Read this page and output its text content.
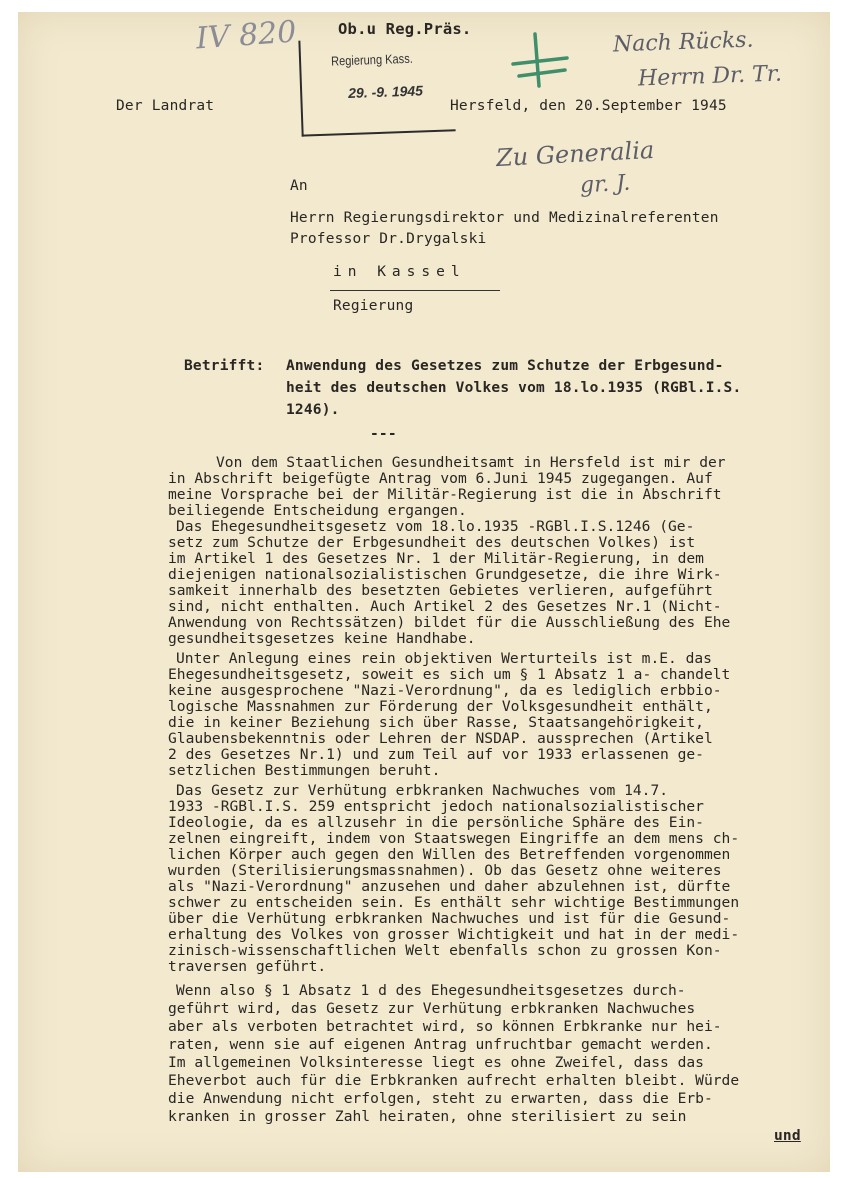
IV 820	Ob.u Reg.Präs.
Regierung Kass.
29. -9. 1945
Nach Rücks.
Herrn Dr. Tr.
Zu Generalia
gr. J.
Der Landrat	Hersfeld, den 20.September 1945
An
Herrn Regierungsdirektor und Medizinalreferenten
Professor Dr.Drygalski
in Kassel
Regierung
Betrifft: Anwendung des Gesetzes zum Schutze der Erbgesund-
heit des deutschen Volkes vom 18.lo.1935 (RGBl.I.S.
1246).
---
Von dem Staatlichen Gesundheitsamt in Hersfeld ist mir der
in Abschrift beigefügte Antrag vom 6.Juni 1945 zugegangen. Auf
meine Vorsprache bei der Militär-Regierung ist die in Abschrift
beiliegende Entscheidung ergangen.
Das Ehegesundheitsgesetz vom 18.lo.1935 -RGBl.I.S.1246 (Ge-
setz zum Schutze der Erbgesundheit des deutschen Volkes) ist
im Artikel 1 des Gesetzes Nr. 1 der Militär-Regierung, in dem
diejenigen nationalsozialistischen Grundgesetze, die ihre Wirk-
samkeit innerhalb des besetzten Gebietes verlieren, aufgeführt
sind, nicht enthalten. Auch Artikel 2 des Gesetzes Nr.1 (Nicht-
Anwendung von Rechtssätzen) bildet für die Ausschließung des Ehe
gesundheitsgesetzes keine Handhabe.
Unter Anlegung eines rein objektiven Werturteils ist m.E. das
Ehegesundheitsgesetz, soweit es sich um § 1 Absatz 1 a- chandelt
keine ausgesprochene "Nazi-Verordnung", da es lediglich erbbio-
logische Massnahmen zur Förderung der Volksgesundheit enthält,
die in keiner Beziehung sich über Rasse, Staatsangehörigkeit,
Glaubensbekenntnis oder Lehren der NSDAP. aussprechen (Artikel
2 des Gesetzes Nr.1) und zum Teil auf vor 1933 erlassenen ge-
setzlichen Bestimmungen beruht.
Das Gesetz zur Verhütung erbkranken Nachwuches vom 14.7.
1933 -RGBl.I.S. 259 entspricht jedoch nationalsozialistischer
Ideologie, da es allzusehr in die persönliche Sphäre des Ein-
zelnen eingreift, indem von Staatswegen Eingriffe an dem mens ch-
lichen Körper auch gegen den Willen des Betreffenden vorgenommen
wurden (Sterilisierungsmassnahmen). Ob das Gesetz ohne weiteres
als "Nazi-Verordnung" anzusehen und daher abzulehnen ist, dürfte
schwer zu entscheiden sein. Es enthält sehr wichtige Bestimmungen
über die Verhütung erbkranken Nachwuches und ist für die Gesund-
erhaltung des Volkes von grosser Wichtigkeit und hat in der medi-
zinisch-wissenschaftlichen Welt ebenfalls schon zu grossen Kon-
traversen geführt.
Wenn also § 1 Absatz 1 d des Ehegesundheitsgesetzes durch-
geführt wird, das Gesetz zur Verhütung erbkranken Nachwuches
aber als verboten betrachtet wird, so können Erbkranke nur hei-
raten, wenn sie auf eigenen Antrag unfruchtbar gemacht werden.
Im allgemeinen Volksinteresse liegt es ohne Zweifel, dass das
Eheverbot auch für die Erbkranken aufrecht erhalten bleibt. Würde
die Anwendung nicht erfolgen, steht zu erwarten, dass die Erb-
kranken in grosser Zahl heiraten, ohne sterilisiert zu sein
und
